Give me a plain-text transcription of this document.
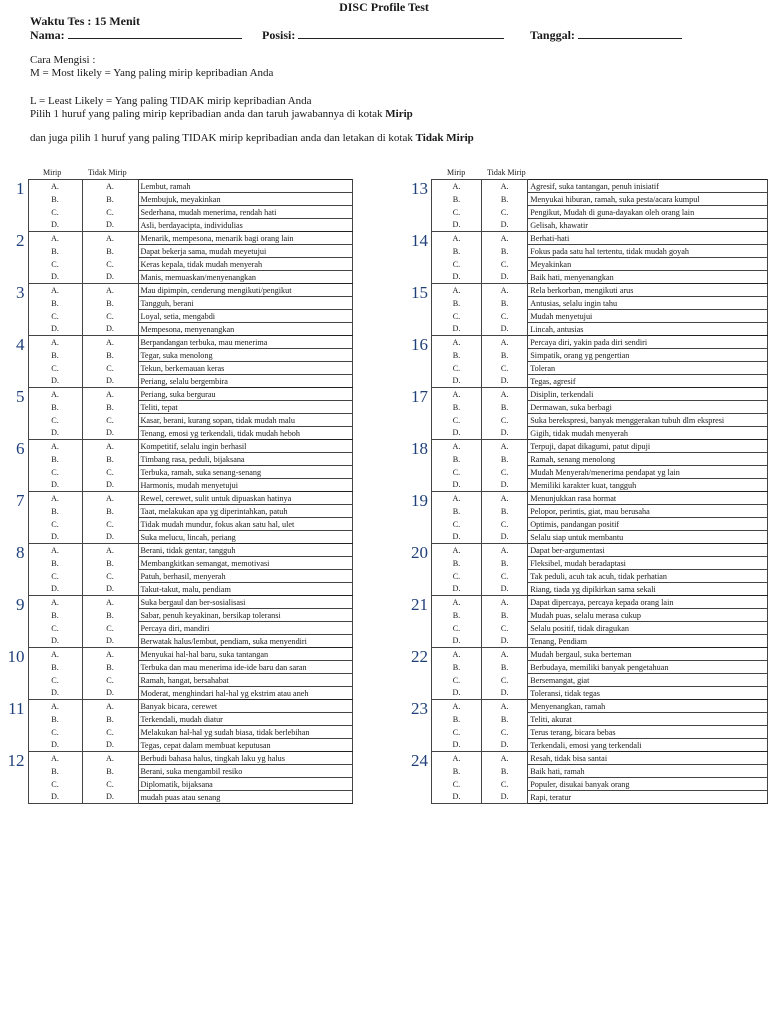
DISC Profile Test
Waktu Tes : 15 Menit
Nama:	Posisi:	Tanggal:
Cara Mengisi :
M = Most likely = Yang paling mirip kepribadian Anda
L = Least Likely = Yang paling TIDAK mirip kepribadian Anda
Pilih 1 huruf yang paling mirip kepribadian anda dan taruh jawabannya di kotak Mirip
dan juga pilih 1 huruf yang paling TIDAK mirip kepribadian anda dan letakan di kotak Tidak Mirip
Mirip	Tidak Mirip	Mirip	Tidak Mirip
1	A.	A.	Lembut, ramah
	B.	B.	Membujuk, meyakinkan
	C.	C.	Sederhana, mudah menerima, rendah hati
	D.	D.	Asli, berdayacipta, individulias
2	A.	A.	Menarik, mempesona, menarik bagi orang lain
	B.	B.	Dapat bekerja sama, mudah meyetujui
	C.	C.	Keras kepala, tidak mudah menyerah
	D.	D.	Manis, memuaskan/menyenangkan
3	A.	A.	Mau dipimpin, cenderung mengikuti/pengikut
	B.	B.	Tangguh, berani
	C.	C.	Loyal, setia, mengabdi
	D.	D.	Mempesona, menyenangkan
4	A.	A.	Berpandangan terbuka, mau menerima
	B.	B.	Tegar, suka menolong
	C.	C.	Tekun, berkemauan keras
	D.	D.	Periang, selalu bergembira
5	A.	A.	Periang, suka bergurau
	B.	B.	Teliti, tepat
	C.	C.	Kasar, berani, kurang sopan, tidak mudah malu
	D.	D.	Tenang, emosi yg terkendali, tidak mudah heboh
6	A.	A.	Kompetitif, selalu ingin berhasil
	B.	B.	Timbang rasa, peduli, bijaksana
	C.	C.	Terbuka, ramah, suka senang-senang
	D.	D.	Harmonis, mudah menyetujui
7	A.	A.	Rewel, cerewet, sulit untuk dipuaskan hatinya
	B.	B.	Taat, melakukan apa yg diperintahkan, patuh
	C.	C.	Tidak mudah mundur, fokus akan satu hal, ulet
	D.	D.	Suka melucu, lincah, periang
8	A.	A.	Berani, tidak gentar, tangguh
	B.	B.	Membangkitkan semangat, memotivasi
	C.	C.	Patuh, berhasil, menyerah
	D.	D.	Takut-takut, malu, pendiam
9	A.	A.	Suka bergaul dan ber-sosialisasi
	B.	B.	Sabar, penuh keyakinan, bersikap toleransi
	C.	C.	Percaya diri, mandiri
	D.	D.	Berwatak halus/lembut, pendiam, suka menyendiri
10	A.	A.	Menyukai hal-hal baru, suka tantangan
	B.	B.	Terbuka dan mau menerima ide-ide baru dan saran
	C.	C.	Ramah, hangat, bersahabat
	D.	D.	Moderat, menghindari hal-hal yg ekstrim atau aneh
11	A.	A.	Banyak bicara, cerewet
	B.	B.	Terkendali, mudah diatur
	C.	C.	Melakukan hal-hal yg sudah biasa, tidak berlebihan
	D.	D.	Tegas, cepat dalam membuat keputusan
12	A.	A.	Berbudi bahasa halus, tingkah laku yg halus
	B.	B.	Berani, suka mengambil resiko
	C.	C.	Diplomatik, bijaksana
	D.	D.	mudah puas atau senang
13	A.	A.	Agresif, suka tantangan, penuh inisiatif
	B.	B.	Menyukai hiburan, ramah, suka pesta/acara kumpul
	C.	C.	Pengikut, Mudah di guna-dayakan oleh orang lain
	D.	D.	Gelisah, khawatir
14	A.	A.	Berhati-hati
	B.	B.	Fokus pada satu hal tertentu, tidak mudah goyah
	C.	C.	Meyakinkan
	D.	D.	Baik hati, menyenangkan
15	A.	A.	Rela berkorban, mengikuti arus
	B.	B.	Antusias, selalu ingin tahu
	C.	C.	Mudah menyetujui
	D.	D.	Lincah, antusias
16	A.	A.	Percaya diri, yakin pada diri sendiri
	B.	B.	Simpatik, orang yg pengertian
	C.	C.	Toleran
	D.	D.	Tegas, agresif
17	A.	A.	Disiplin, terkendali
	B.	B.	Dermawan, suka berbagi
	C.	C.	Suka berekspresi, banyak menggerakan tubuh dlm ekspresi
	D.	D.	Gigih, tidak mudah menyerah
18	A.	A.	Terpuji, dapat dikagumi, patut dipuji
	B.	B.	Ramah, senang menolong
	C.	C.	Mudah Menyerah/menerima pendapat yg lain
	D.	D.	Memiliki karakter kuat, tangguh
19	A.	A.	Menunjukkan rasa hormat
	B.	B.	Pelopor, perintis, giat, mau berusaha
	C.	C.	Optimis, pandangan positif
	D.	D.	Selalu siap untuk membantu
20	A.	A.	Dapat ber-argumentasi
	B.	B.	Fleksibel, mudah beradaptasi
	C.	C.	Tak peduli, acuh tak acuh, tidak perhatian
	D.	D.	Riang, tiada yg dipikirkan sama sekali
21	A.	A.	Dapat dipercaya, percaya kepada orang lain
	B.	B.	Mudah puas, selalu merasa cukup
	C.	C.	Selalu positif, tidak diragukan
	D.	D.	Tenang, Pendiam
22	A.	A.	Mudah bergaul, suka berteman
	B.	B.	Berbudaya, memiliki banyak pengetahuan
	C.	C.	Bersemangat, giat
	D.	D.	Toleransi, tidak tegas
23	A.	A.	Menyenangkan, ramah
	B.	B.	Teliti, akurat
	C.	C.	Terus terang, bicara bebas
	D.	D.	Terkendali, emosi yang terkendali
24	A.	A.	Resah, tidak bisa santai
	B.	B.	Baik hati, ramah
	C.	C.	Populer, disukai banyak orang
	D.	D.	Rapi, teratur
